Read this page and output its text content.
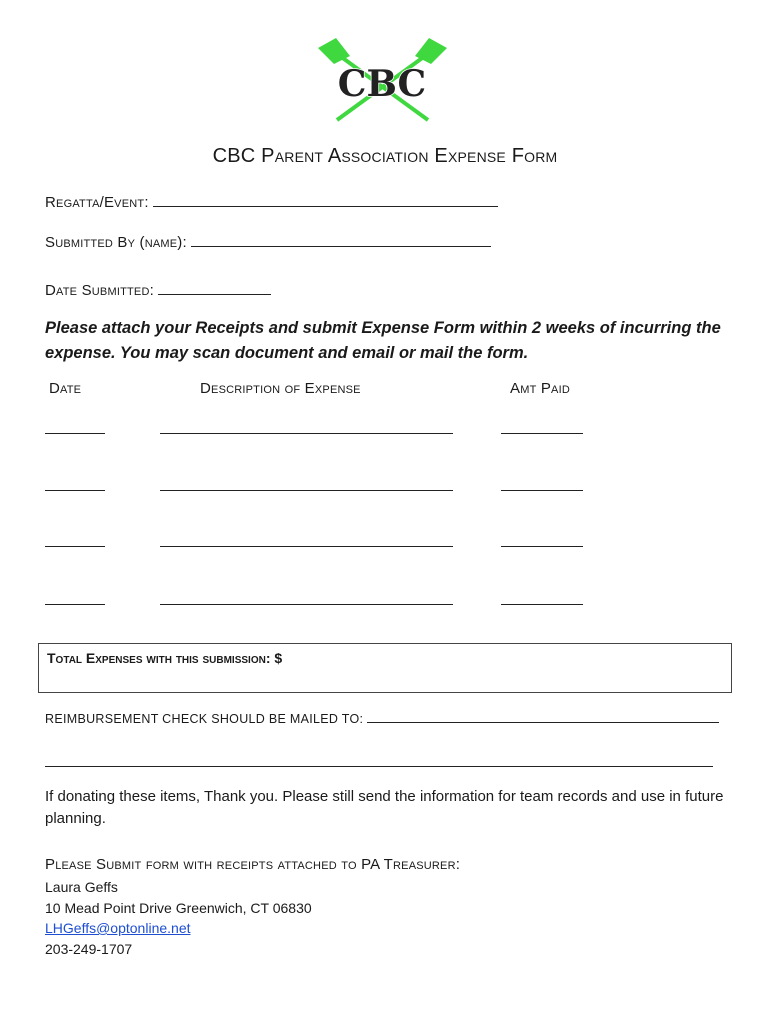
CBC
CBC Parent Association Expense Form
Regatta/Event:
Submitted By (name):
Date Submitted:
Please attach your Receipts and submit Expense Form within 2 weeks of incurring the expense. You may scan document and email or mail the form.
Date	Description of Expense	Amt Paid
Total Expenses with this submission: $
REIMBURSEMENT CHECK SHOULD BE MAILED TO:
If donating these items, Thank you. Please still send the information for team records and use in future planning.
Please Submit form with receipts attached to PA Treasurer:
Laura Geffs
10 Mead Point Drive Greenwich, CT 06830
LHGeffs@optonline.net
203-249-1707
